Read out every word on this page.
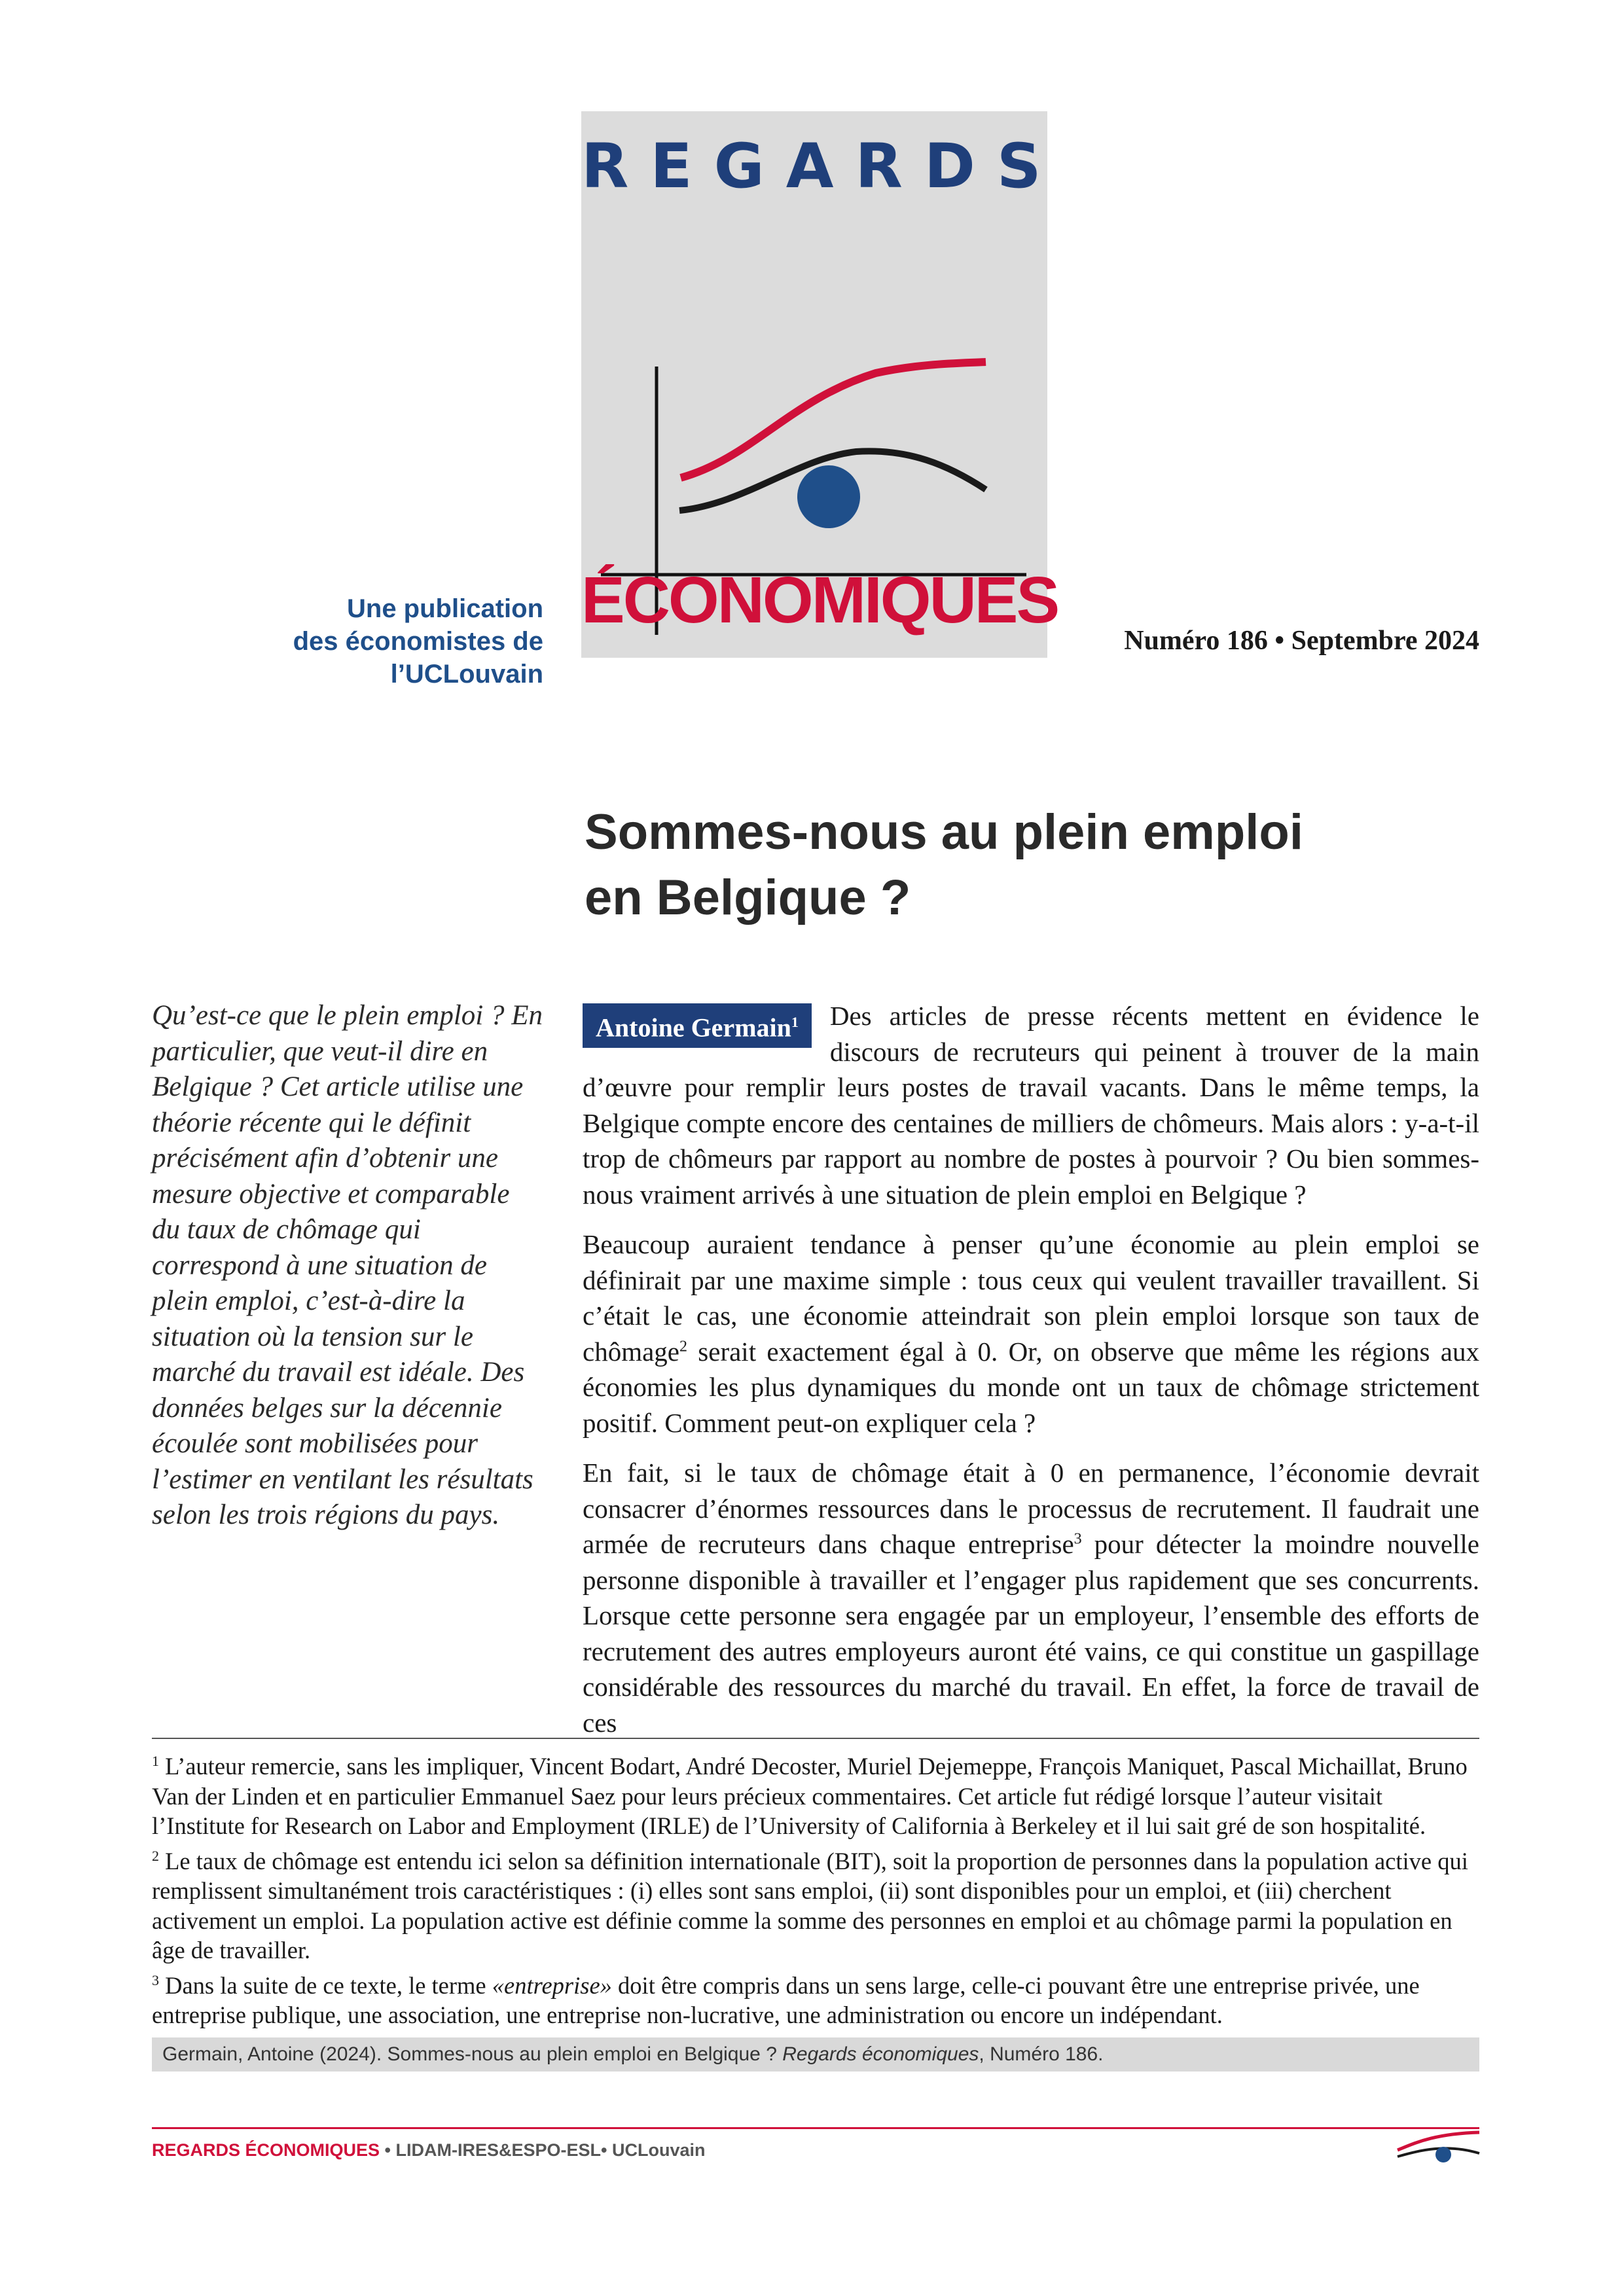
REGARDS
ÉCONOMIQUES
Une publication
des économistes de l’UCLouvain
Numéro 186 • Septembre 2024
Sommes-nous au plein emploi
en Belgique ?
Qu’est-ce que le plein emploi ? En particulier, que veut-il dire en Belgique ? Cet article utilise une théorie récente qui le définit précisément afin d’obtenir une mesure objective et comparable du taux de chômage qui correspond à une situation de plein emploi, c’est-à-dire la situation où la tension sur le marché du travail est idéale. Des données belges sur la décennie écoulée sont mobilisées pour l’estimer en ventilant les résultats selon les trois régions du pays.
Antoine Germain$^1$	Des articles de presse récents mettent en évidence le discours de recruteurs qui peinent à trouver de la main d’œuvre pour remplir leurs postes de travail vacants. Dans le même temps, la Belgique compte encore des centaines de milliers de chômeurs. Mais alors : y-a-t-il trop de chômeurs par rapport au nombre de postes à pourvoir ? Ou bien sommes-nous vraiment arrivés à une situation de plein emploi en Belgique ?

Beaucoup auraient tendance à penser qu’une économie au plein emploi se définirait par une maxime simple : tous ceux qui veulent travailler travaillent. Si c’était le cas, une économie atteindrait son plein emploi lorsque son taux de chômage$^2$ serait exactement égal à 0. Or, on observe que même les régions aux économies les plus dynamiques du monde ont un taux de chômage strictement positif. Comment peut-on expliquer cela ?

En fait, si le taux de chômage était à 0 en permanence, l’économie devrait consacrer d’énormes ressources dans le processus de recrutement. Il faudrait une armée de recruteurs dans chaque entreprise$^3$ pour détecter la moindre nouvelle personne disponible à travailler et l’engager plus rapidement que ses concurrents. Lorsque cette personne sera engagée par un employeur, l’ensemble des efforts de recrutement des autres employeurs auront été vains, ce qui constitue un gaspillage considérable des ressources du marché du travail. En effet, la force de travail de ces

$^1$ L’auteur remercie, sans les impliquer, Vincent Bodart, André Decoster, Muriel Dejemeppe, François Maniquet, Pascal Michaillat, Bruno Van der Linden et en particulier Emmanuel Saez pour leurs précieux commentaires. Cet article fut rédigé lorsque l’auteur visitait l’Institute for Research on Labor and Employment (IRLE) de l’University of California à Berkeley et il lui sait gré de son hospitalité.
$^2$ Le taux de chômage est entendu ici selon sa définition internationale (BIT), soit la proportion de personnes dans la population active qui remplissent simultanément trois caractéristiques : (i) elles sont sans emploi, (ii) sont disponibles pour un emploi, et (iii) cherchent activement un emploi. La population active est définie comme la somme des personnes en emploi et au chômage parmi la population en âge de travailler.
$^3$ Dans la suite de ce texte, le terme «entreprise» doit être compris dans un sens large, celle-ci pouvant être une entreprise privée, une entreprise publique, une association, une entreprise non-lucrative, une administration ou encore un indépendant.
Germain, Antoine (2024). Sommes-nous au plein emploi en Belgique ? Regards économiques, Numéro 186.
REGARDS ÉCONOMIQUES • LIDAM-IRES&ESPO-ESL• UCLouvain
